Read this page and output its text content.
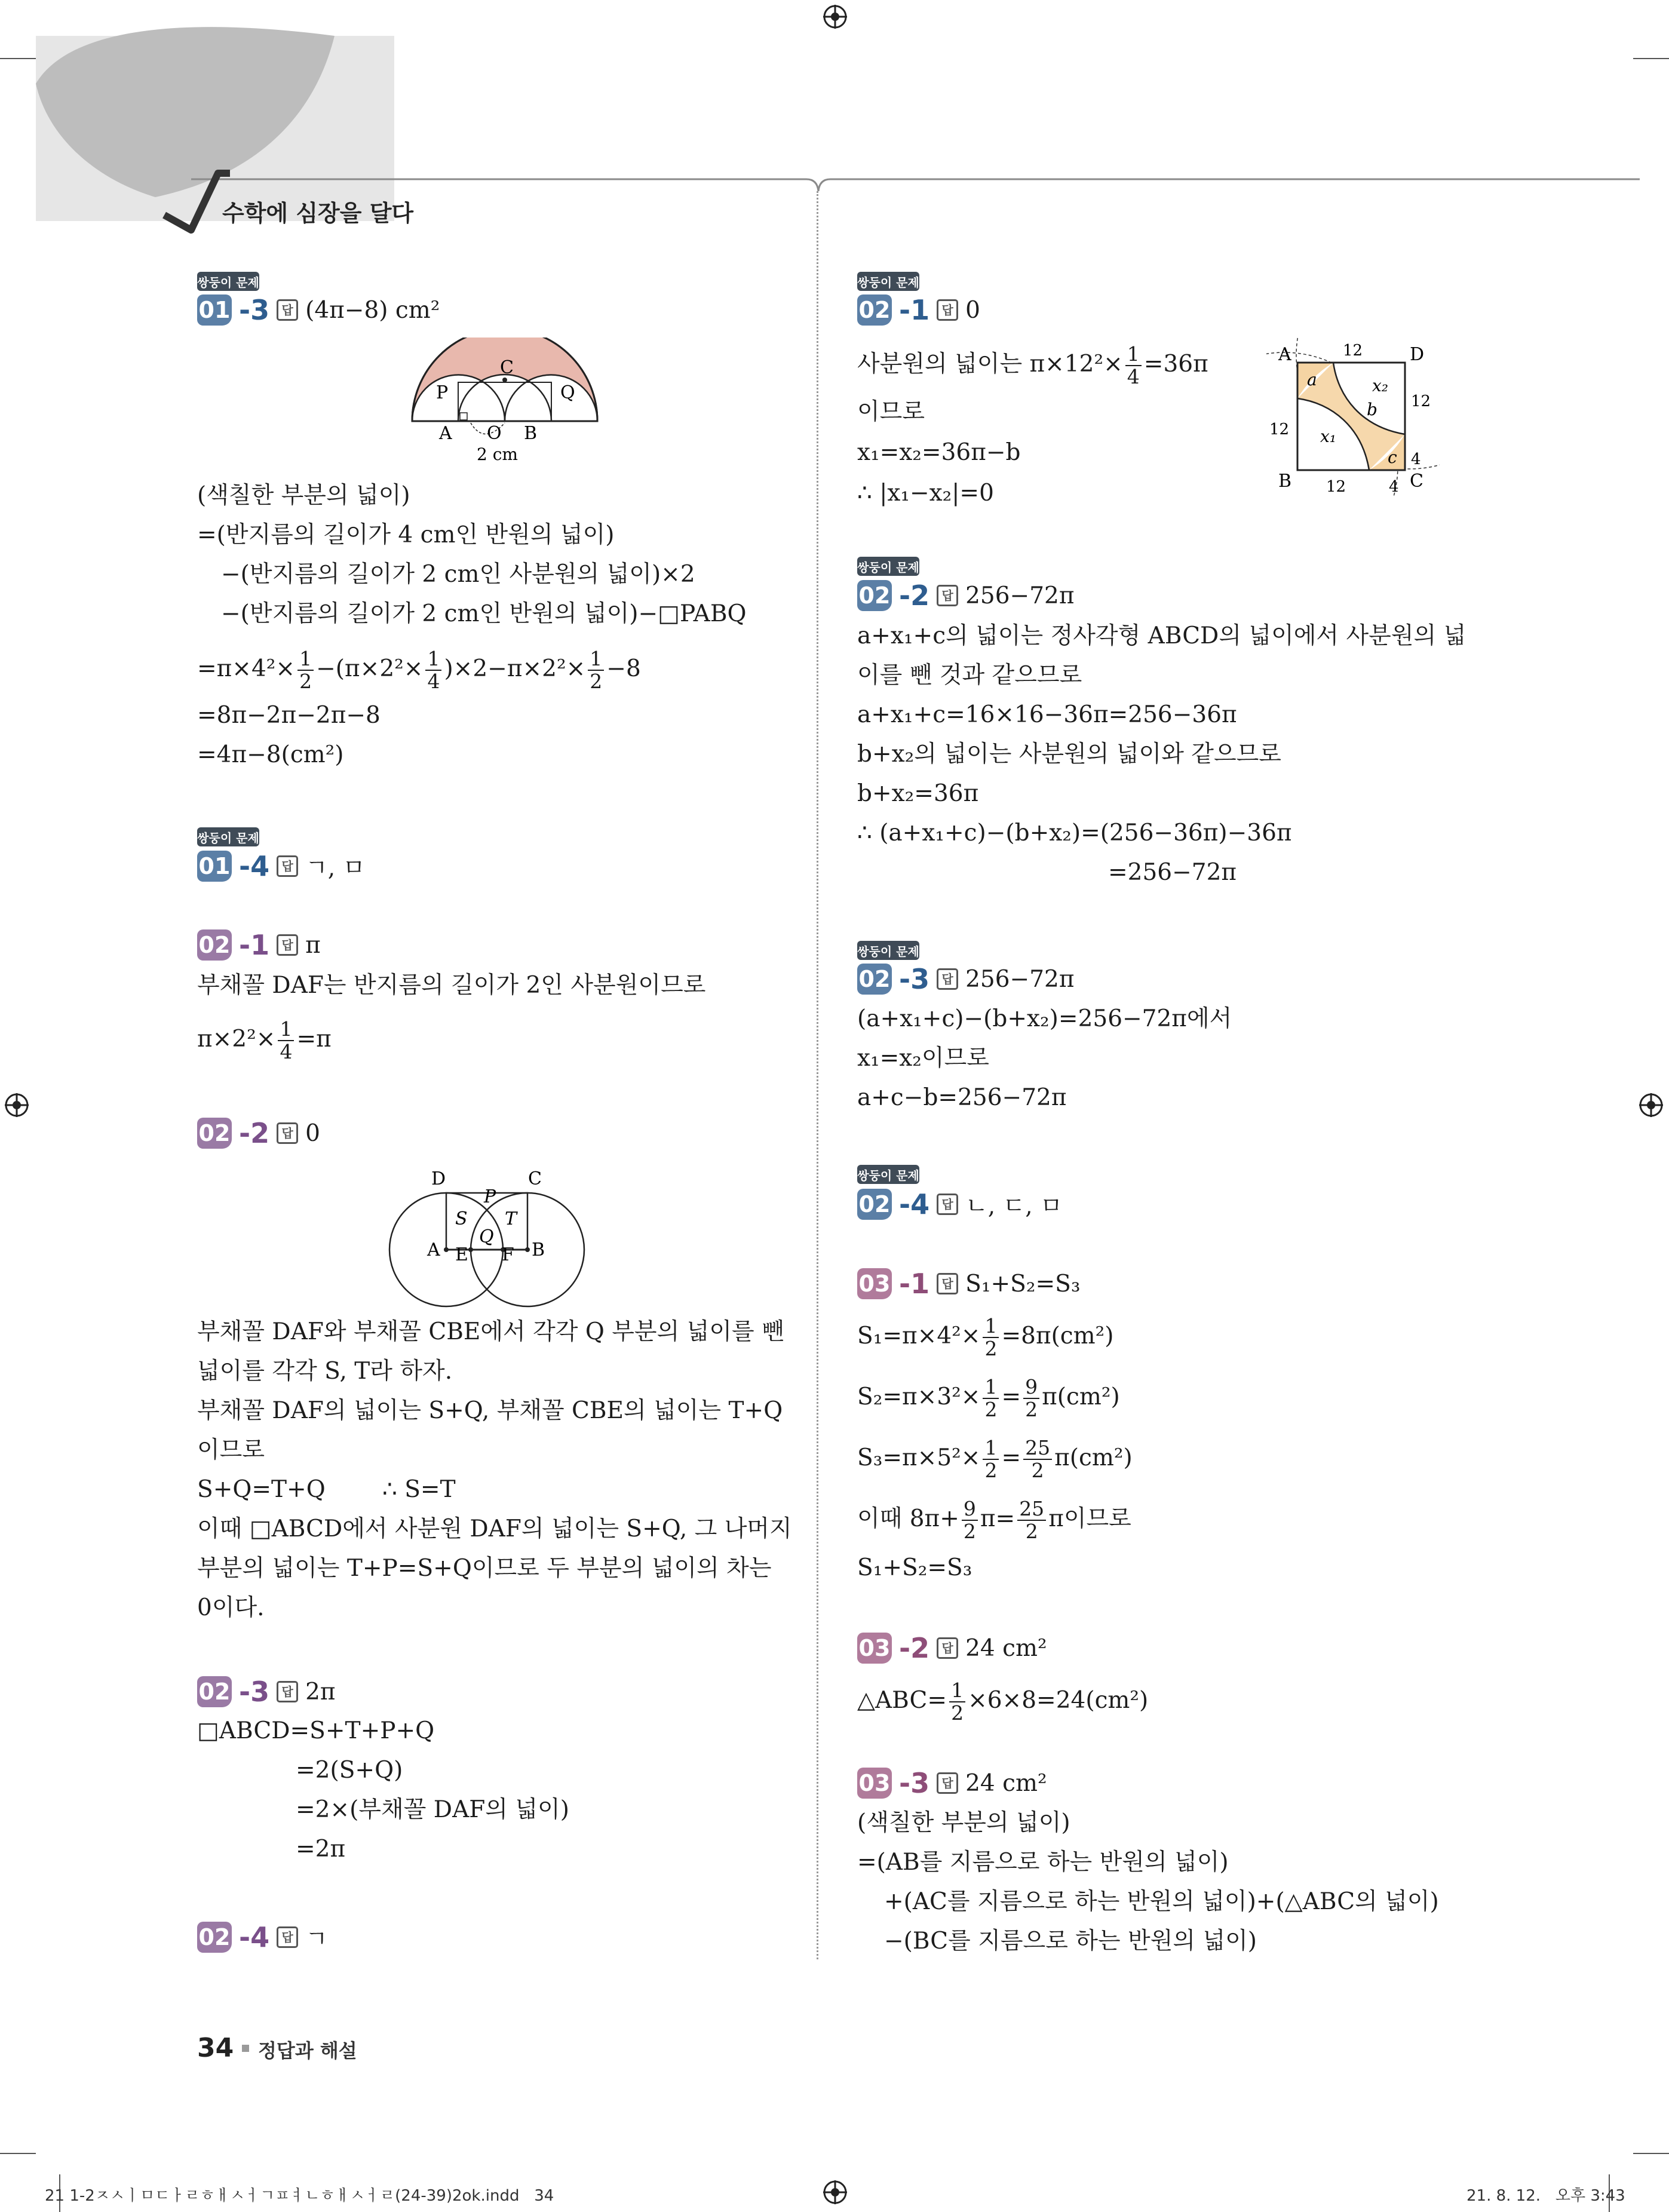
수학에 심장을 달다
쌍둥이 문제
01 -3	답 (4π−8) cm²
C
P	Q
A O B
2 cm
(색칠한 부분의 넓이)
=(반지름의 길이가 4 cm인 반원의 넓이)
−(반지름의 길이가 2 cm인 사분원의 넓이)×2
−(반지름의 길이가 2 cm인 반원의 넓이)−□PABQ
$=\pi\times 4^2\times \frac{1}{2} -(\pi\times 2^2\times \frac{1}{4} )\times 2-\pi\times 2^2\times \frac{1}{2} -8$
=8π−2π−2π−8
=4π−8(cm²)
쌍둥이 문제
01 -4	답 ㄱ, ㅁ
02 -1	답 π
부채꼴 DAF는 반지름의 길이가 2인 사분원이므로
$\pi\times 2^2\times \frac{1}{4} =\pi$
02 -2	답 0
D	C
P
S T
Q
A E F B
부채꼴 DAF와 부채꼴 CBE에서 각각 Q 부분의 넓이를 뺀
넓이를 각각 S, T라 하자.
부채꼴 DAF의 넓이는 S+Q, 부채꼴 CBE의 넓이는 T+Q
이므로
S+Q=T+Q ∴ S=T
이때 □ABCD에서 사분원 DAF의 넓이는 S+Q, 그 나머지
부분의 넓이는 T+P=S+Q이므로 두 부분의 넓이의 차는
0이다.
02 -3	답 2π
□ABCD=S+T+P+Q
=2(S+Q)
=2×(부채꼴 DAF의 넓이)
=2π
02 -4	답 ㄱ
쌍둥이 문제
02 -1	답 0
사분원의 넓이는 $\pi\times 12^2\times \frac{1}{4} =36\pi$
이므로
x₁=x₂=36π−b
∴ |x₁−x₂|=0
A	D
B	C
12
12
12
12
4
4
a
b
c
x₁
x₂
쌍둥이 문제
02 -2	답 256−72π
a+x₁+c의 넓이는 정사각형 ABCD의 넓이에서 사분원의 넓
이를 뺀 것과 같으므로
a+x₁+c=16×16−36π=256−36π
b+x₂의 넓이는 사분원의 넓이와 같으므로
b+x₂=36π
∴ (a+x₁+c)−(b+x₂)=(256−36π)−36π
=256−72π
쌍둥이 문제
02 -3	답 256−72π
(a+x₁+c)−(b+x₂)=256−72π에서
x₁=x₂이므로
a+c−b=256−72π
쌍둥이 문제
02 -4	답 ㄴ, ㄷ, ㅁ
03 -1	답 S₁+S₂=S₃
$S_1=\pi\times 4^2\times \frac{1}{2} =8\pi(cm^2)$
$S_2=\pi\times 3^2\times \frac{1}{2} = \frac{9}{2} \pi(cm^2)$
$S_3=\pi\times 5^2\times \frac{1}{2} = \frac{25}{2} \pi(cm^2)$
이때 $8\pi+ \frac{9}{2} \pi= \frac{25}{2}$ π이므로
S₁+S₂=S₃
03 -2	답 24 cm²
△ABC= $\frac{1}{2} \times 6\times 8=24(cm^2)$
03 -3	답 24 cm²
(색칠한 부분의 넓이)
=(AB를 지름으로 하는 반원의 넓이)
+(AC를 지름으로 하는 반원의 넓이)+(△ABC의 넓이)
−(BC를 지름으로 하는 반원의 넓이)
34 정답과 해설
21 1-2ㅈㅅㅣㅁㄷㅏㄹㅎㅐㅅㅓㄱㅍㅕㄴㅎㅐㅅㅓㄹ(24-39)2ok.indd   34	21. 8. 12.   오후 3:43
